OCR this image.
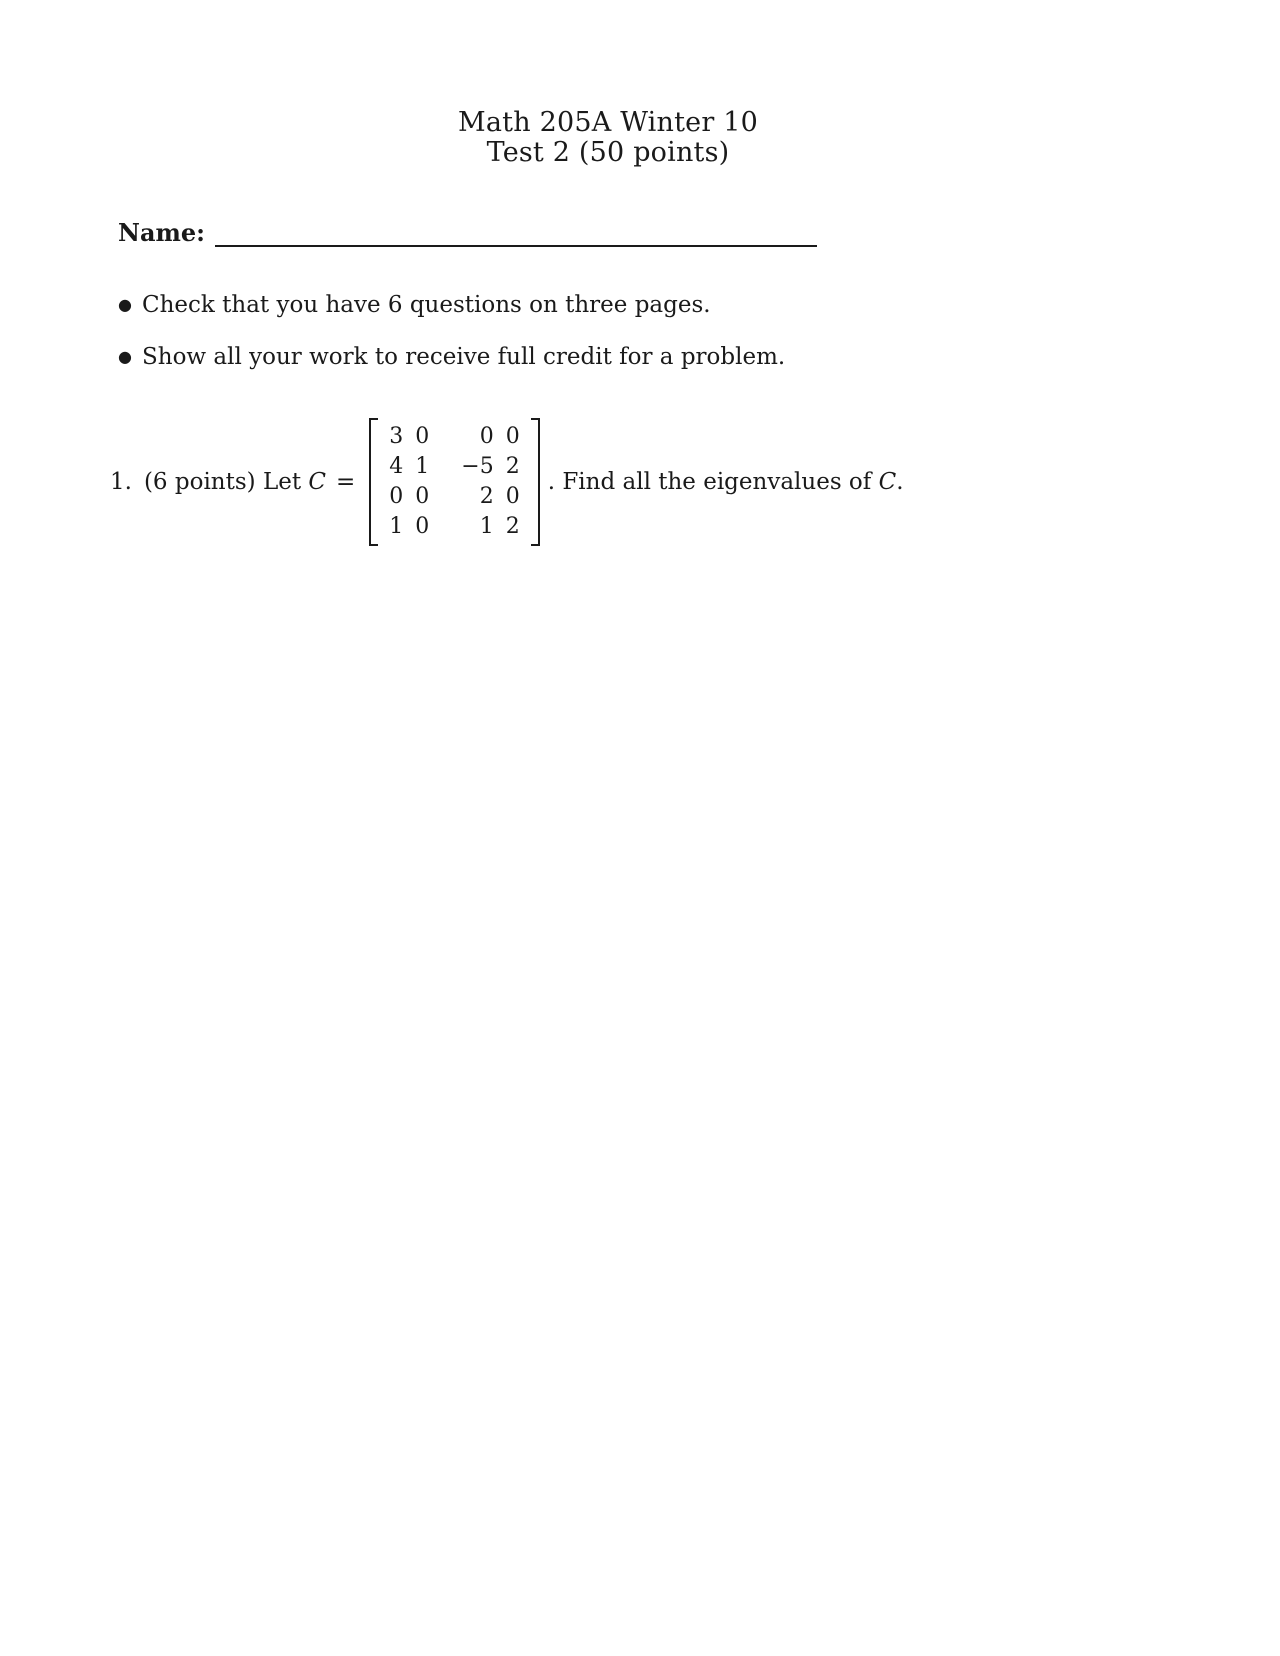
Math 205A Winter 10
Test 2 (50 points)
Name:
● Check that you have 6 questions on three pages.
● Show all your work to receive full credit for a problem.
1. (6 points) Let
C =
3	0	0	0
4	1	−5	2
0	0	2	0
1	0	1	2
. Find all the eigenvalues of
C .
